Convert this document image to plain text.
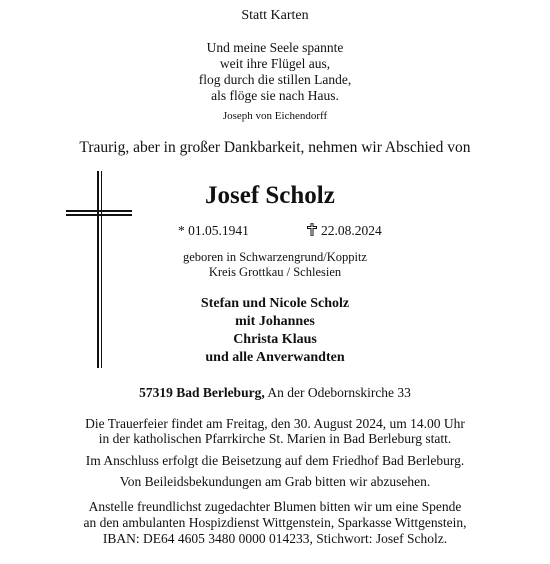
Statt Karten
Und meine Seele spannte
weit ihre Flügel aus,
flog durch die stillen Lande,
als flöge sie nach Haus.
Joseph von Eichendorff
Traurig, aber in großer Dankbarkeit, nehmen wir Abschied von
Josef Scholz
* 01.05.1941	22.08.2024
geboren in Schwarzengrund/Koppitz
Kreis Grottkau / Schlesien
Stefan und Nicole Scholz
mit Johannes
Christa Klaus
und alle Anverwandten
57319 Bad Berleburg, An der Odebornskirche 33
Die Trauerfeier findet am Freitag, den 30. August 2024, um 14.00 Uhr
in der katholischen Pfarrkirche St. Marien in Bad Berleburg statt.
Im Anschluss erfolgt die Beisetzung auf dem Friedhof Bad Berleburg.
Von Beileidsbekundungen am Grab bitten wir abzusehen.
Anstelle freundlichst zugedachter Blumen bitten wir um eine Spende
an den ambulanten Hospizdienst Wittgenstein, Sparkasse Wittgenstein,
IBAN: DE64 4605 3480 0000 014233, Stichwort: Josef Scholz.
